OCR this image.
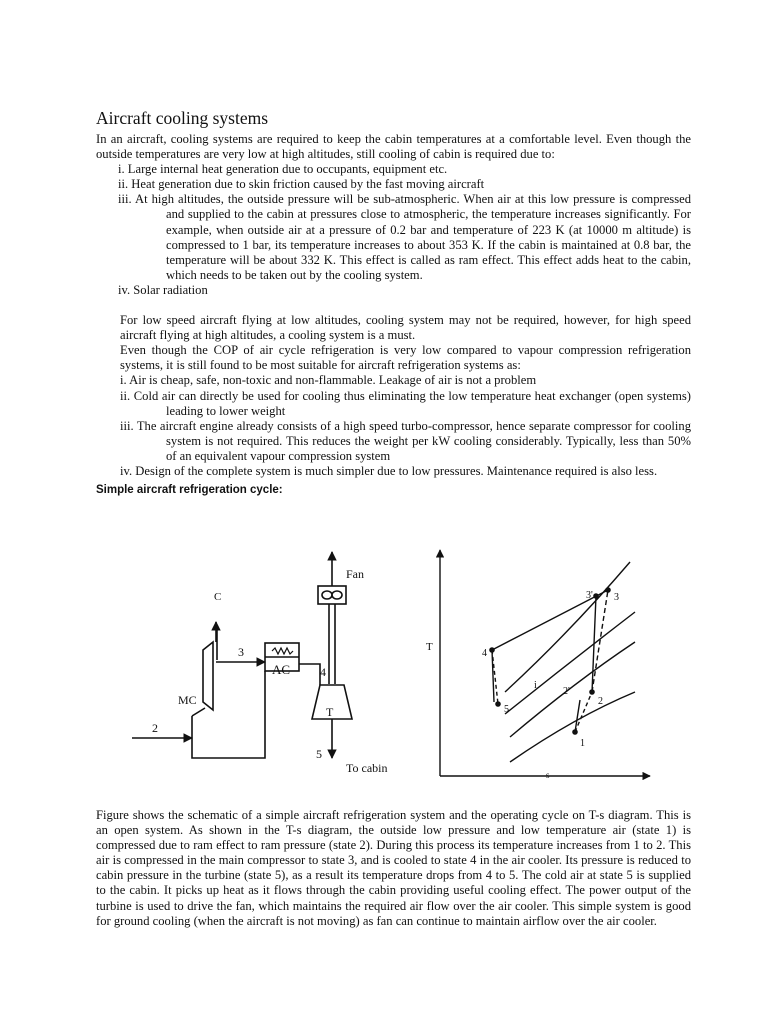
Aircraft cooling systems

In an aircraft, cooling systems are required to keep the cabin temperatures at a comfortable level. Even though the outside temperatures are very low at high altitudes, still cooling of cabin is required due to:

i. Large internal heat generation due to occupants, equipment etc.
ii. Heat generation due to skin friction caused by the fast moving aircraft
iii. At high altitudes, the outside pressure will be sub-atmospheric. When air at this low pressure is compressed and supplied to the cabin at pressures close to atmospheric, the temperature increases significantly. For example, when outside air at a pressure of 0.2 bar and temperature of 223 K (at 10000 m altitude) is compressed to 1 bar, its temperature increases to about 353 K. If the cabin is maintained at 0.8 bar, the temperature will be about 332 K. This effect is called as ram effect. This effect adds heat to the cabin, which needs to be taken out by the cooling system.
iv. Solar radiation

For low speed aircraft flying at low altitudes, cooling system may not be required, however, for high speed aircraft flying at high altitudes, a cooling system is a must.

Even though the COP of air cycle refrigeration is very low compared to vapour compression refrigeration systems, it is still found to be most suitable for aircraft refrigeration systems as:

i. Air is cheap, safe, non-toxic and non-flammable. Leakage of air is not a problem
ii. Cold air can directly be used for cooling thus eliminating the low temperature heat exchanger (open systems) leading to lower weight
iii. The aircraft engine already consists of a high speed turbo-compressor, hence separate compressor for cooling system is not required. This reduces the weight per kW cooling considerably. Typically, less than 50% of an equivalent vapour compression system
iv. Design of the complete system is much simpler due to low pressures. Maintenance required is also less.
Simple aircraft refrigeration cycle:
Fan
C
3
AC 4
MC
2
T
5
To cabin
T
s
1
2
2'
3
3'
4
5
i

Figure shows the schematic of a simple aircraft refrigeration system and the operating cycle on T-s diagram. This is an open system. As shown in the T-s diagram, the outside low pressure and low temperature air (state 1) is compressed due to ram effect to ram pressure (state 2). During this process its temperature increases from 1 to 2. This air is compressed in the main compressor to state 3, and is cooled to state 4 in the air cooler. Its pressure is reduced to cabin pressure in the turbine (state 5), as a result its temperature drops from 4 to 5. The cold air at state 5 is supplied to the cabin. It picks up heat as it flows through the cabin providing useful cooling effect. The power output of the turbine is used to drive the fan, which maintains the required air flow over the air cooler. This simple system is good for ground cooling (when the aircraft is not moving) as fan can continue to maintain airflow over the air cooler.
